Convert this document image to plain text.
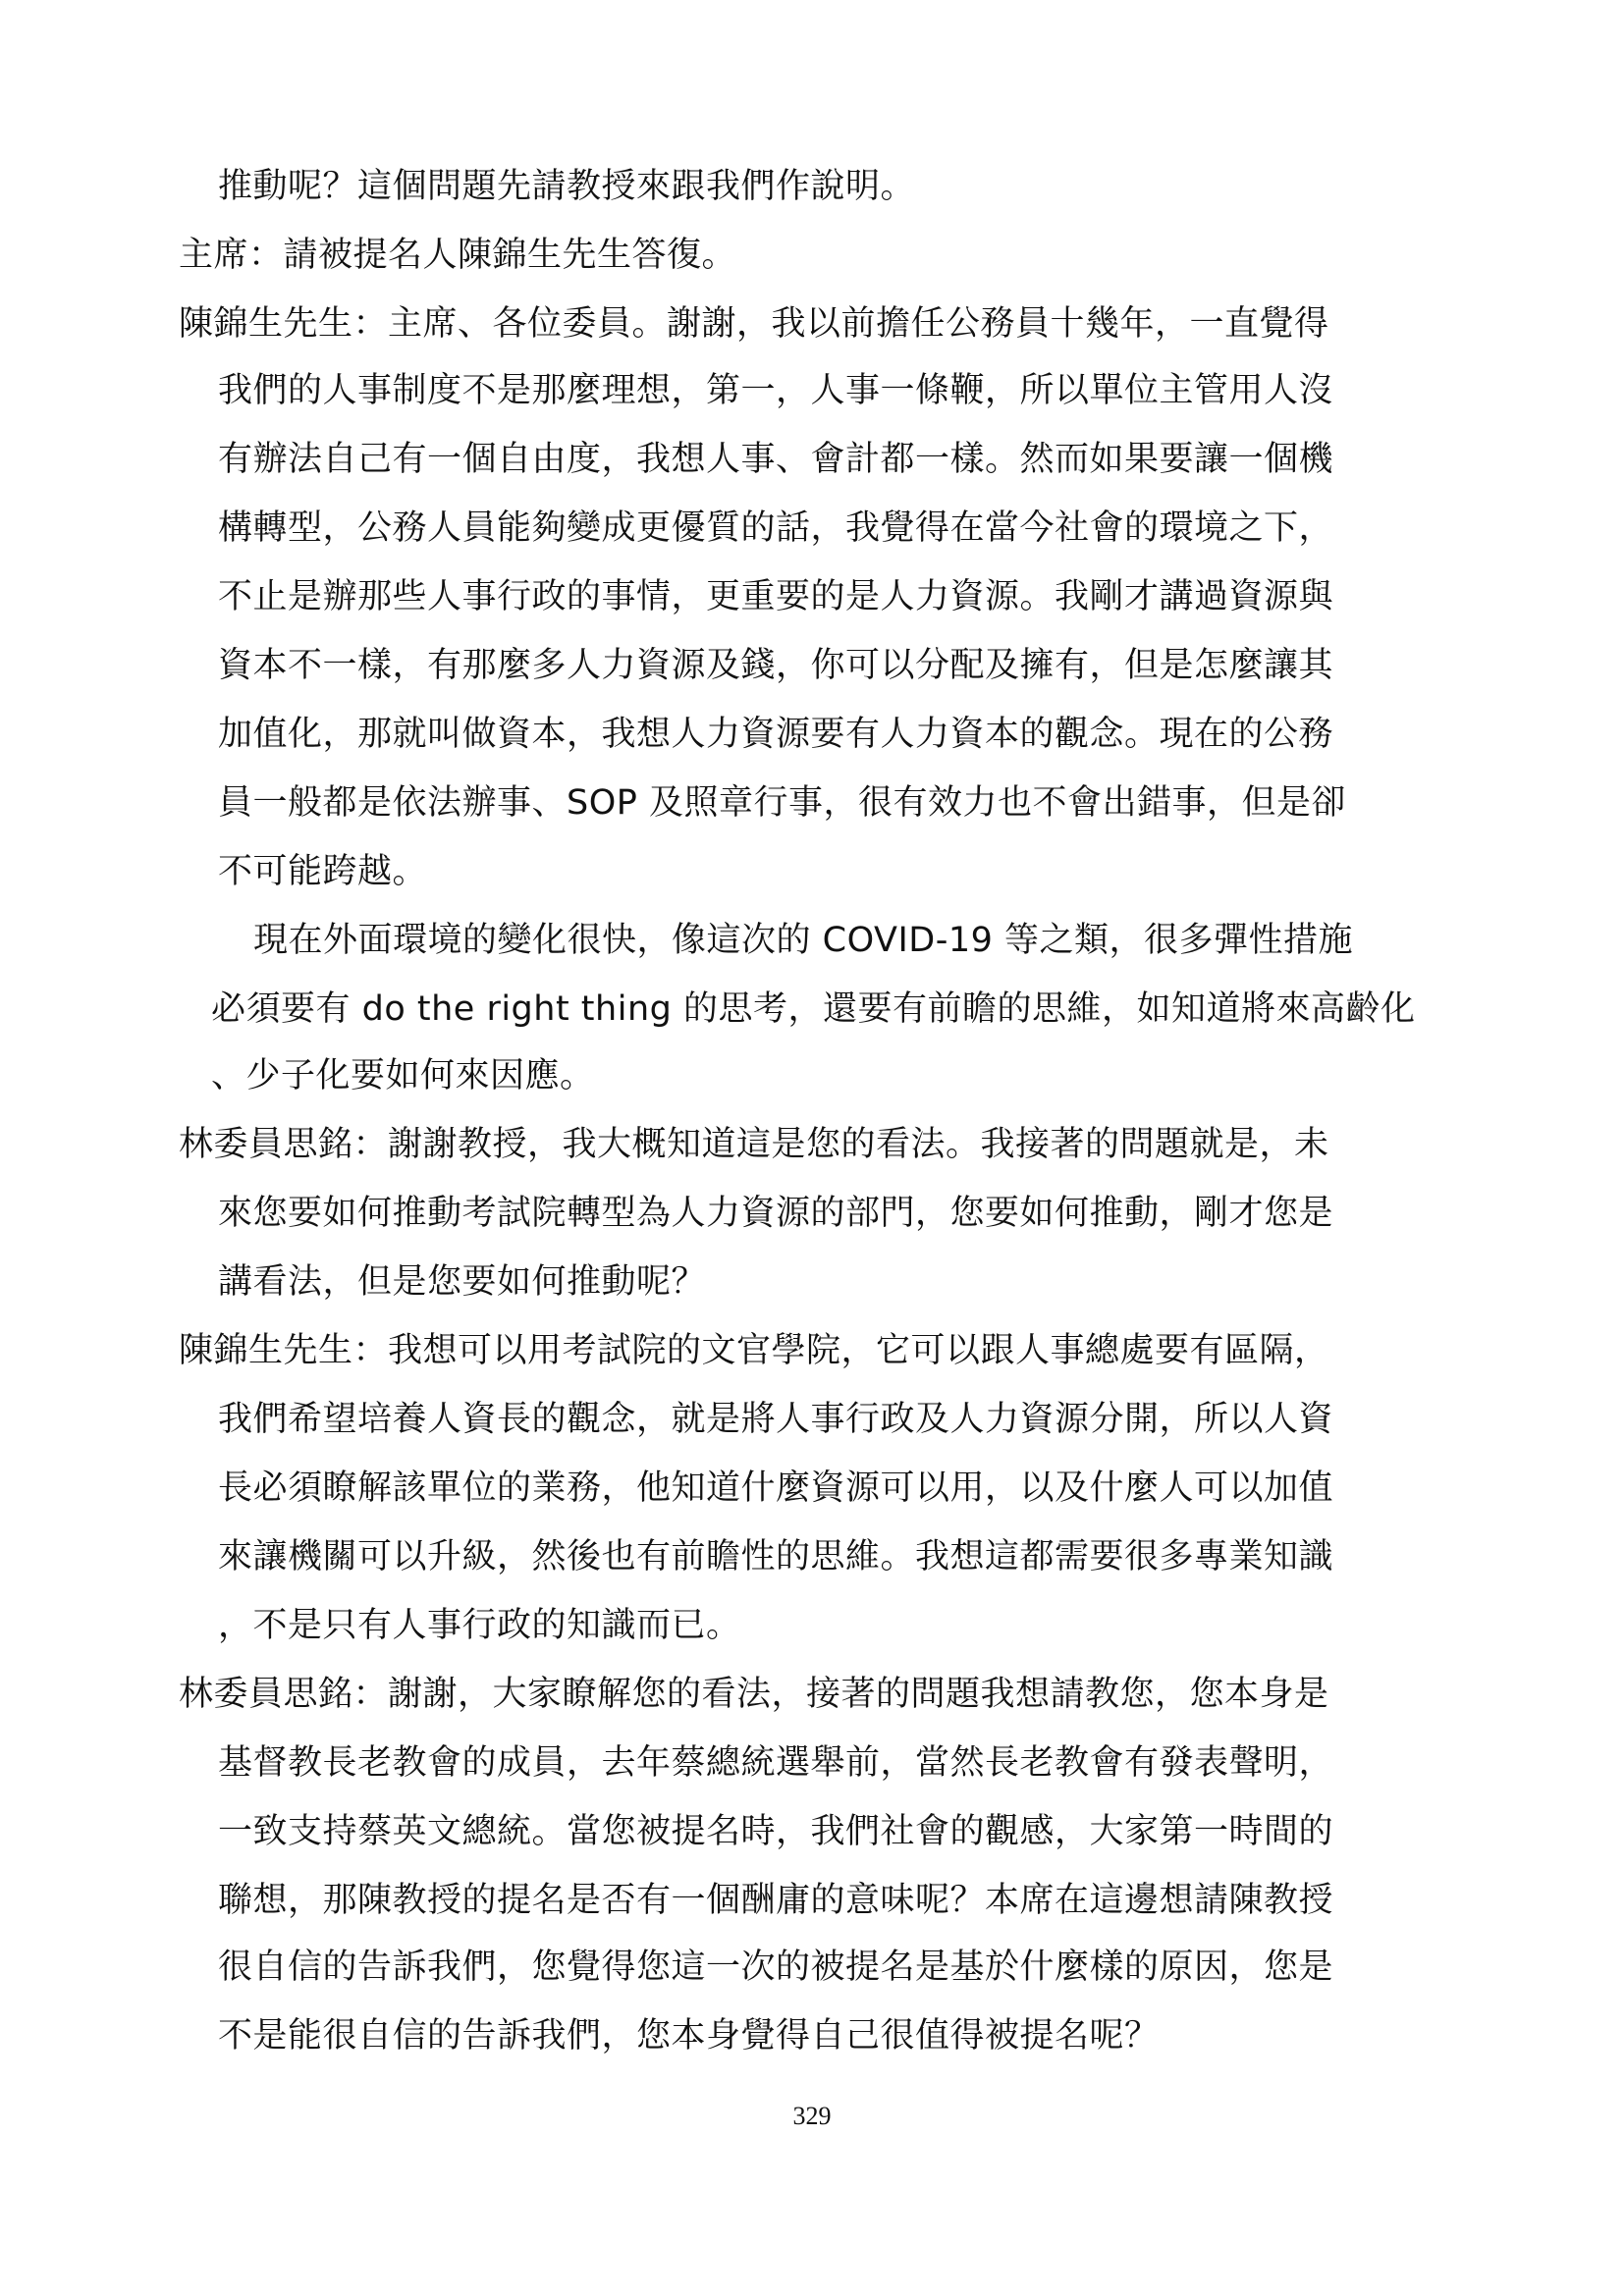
推動呢？這個問題先請教授來跟我們作說明。
主席：請被提名人陳錦生先生答復。
陳錦生先生：主席、各位委員。謝謝，我以前擔任公務員十幾年，一直覺得
我們的人事制度不是那麼理想，第一，人事一條鞭，所以單位主管用人沒
有辦法自己有一個自由度，我想人事、會計都一樣。然而如果要讓一個機
構轉型，公務人員能夠變成更優質的話，我覺得在當今社會的環境之下，
不止是辦那些人事行政的事情，更重要的是人力資源。我剛才講過資源與
資本不一樣，有那麼多人力資源及錢，你可以分配及擁有，但是怎麼讓其
加值化，那就叫做資本，我想人力資源要有人力資本的觀念。現在的公務
員一般都是依法辦事、SOP 及照章行事，很有效力也不會出錯事，但是卻
不可能跨越。
現在外面環境的變化很快，像這次的 COVID-19 等之類，很多彈性措施
必須要有 do the right thing 的思考，還要有前瞻的思維，如知道將來高齡化
、少子化要如何來因應。
林委員思銘：謝謝教授，我大概知道這是您的看法。我接著的問題就是，未
來您要如何推動考試院轉型為人力資源的部門，您要如何推動，剛才您是
講看法，但是您要如何推動呢？
陳錦生先生：我想可以用考試院的文官學院，它可以跟人事總處要有區隔，
我們希望培養人資長的觀念，就是將人事行政及人力資源分開，所以人資
長必須瞭解該單位的業務，他知道什麼資源可以用，以及什麼人可以加值
來讓機關可以升級，然後也有前瞻性的思維。我想這都需要很多專業知識
，不是只有人事行政的知識而已。
林委員思銘：謝謝，大家瞭解您的看法，接著的問題我想請教您，您本身是
基督教長老教會的成員，去年蔡總統選舉前，當然長老教會有發表聲明，
一致支持蔡英文總統。當您被提名時，我們社會的觀感，大家第一時間的
聯想，那陳教授的提名是否有一個酬庸的意味呢？本席在這邊想請陳教授
很自信的告訴我們，您覺得您這一次的被提名是基於什麼樣的原因，您是
不是能很自信的告訴我們，您本身覺得自己很值得被提名呢？
329
